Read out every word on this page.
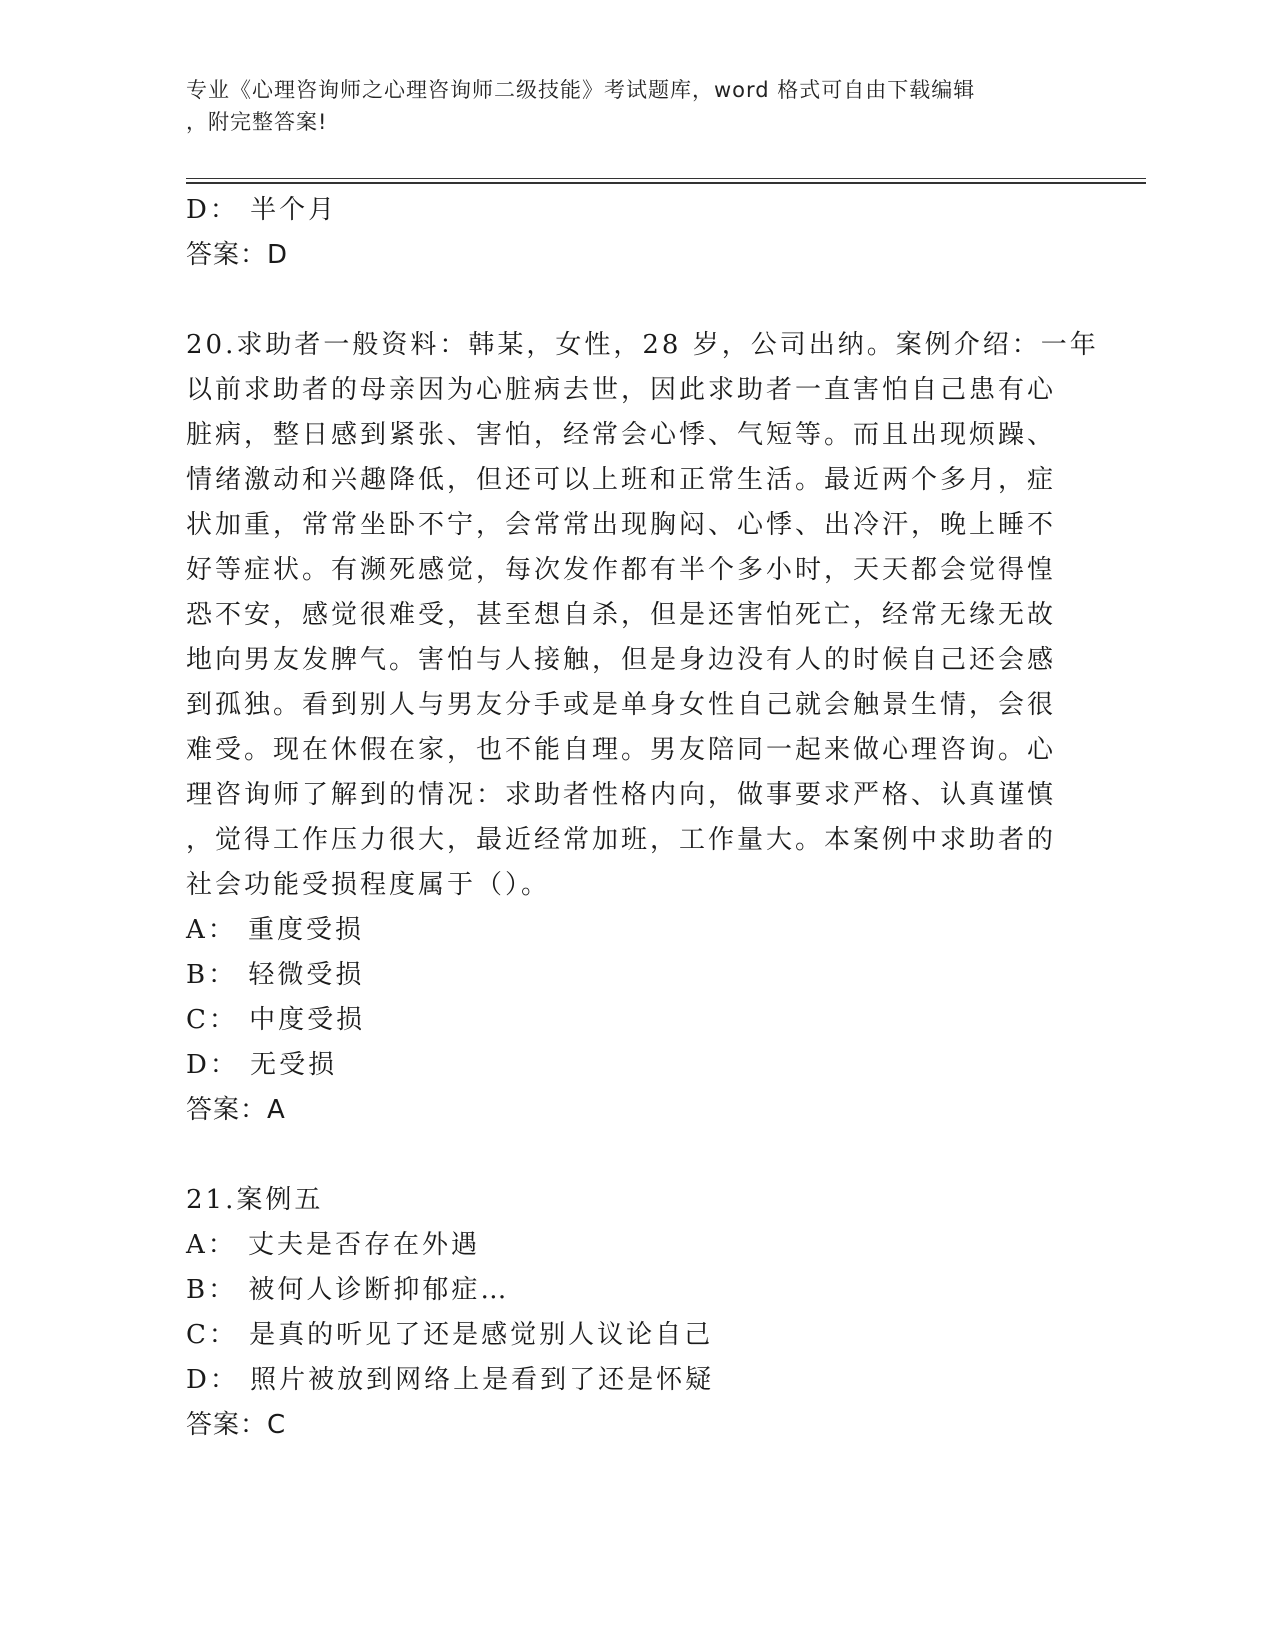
专业《心理咨询师之心理咨询师二级技能》考试题库，word 格式可自由下载编辑
，附完整答案!
D： 半个月
答案：D
20.求助者一般资料：韩某，女性，28 岁，公司出纳。案例介绍：一年
以前求助者的母亲因为心脏病去世，因此求助者一直害怕自己患有心
脏病，整日感到紧张、害怕，经常会心悸、气短等。而且出现烦躁、
情绪激动和兴趣降低，但还可以上班和正常生活。最近两个多月，症
状加重，常常坐卧不宁，会常常出现胸闷、心悸、出冷汗，晚上睡不
好等症状。有濒死感觉，每次发作都有半个多小时，天天都会觉得惶
恐不安，感觉很难受，甚至想自杀，但是还害怕死亡，经常无缘无故
地向男友发脾气。害怕与人接触，但是身边没有人的时候自己还会感
到孤独。看到别人与男友分手或是单身女性自己就会触景生情，会很
难受。现在休假在家，也不能自理。男友陪同一起来做心理咨询。心
理咨询师了解到的情况：求助者性格内向，做事要求严格、认真谨慎
，觉得工作压力很大，最近经常加班，工作量大。本案例中求助者的
社会功能受损程度属于（）。
A： 重度受损
B： 轻微受损
C： 中度受损
D： 无受损
答案：A
21.案例五
A： 丈夫是否存在外遇
B： 被何人诊断抑郁症…
C： 是真的听见了还是感觉别人议论自己
D： 照片被放到网络上是看到了还是怀疑
答案：C
